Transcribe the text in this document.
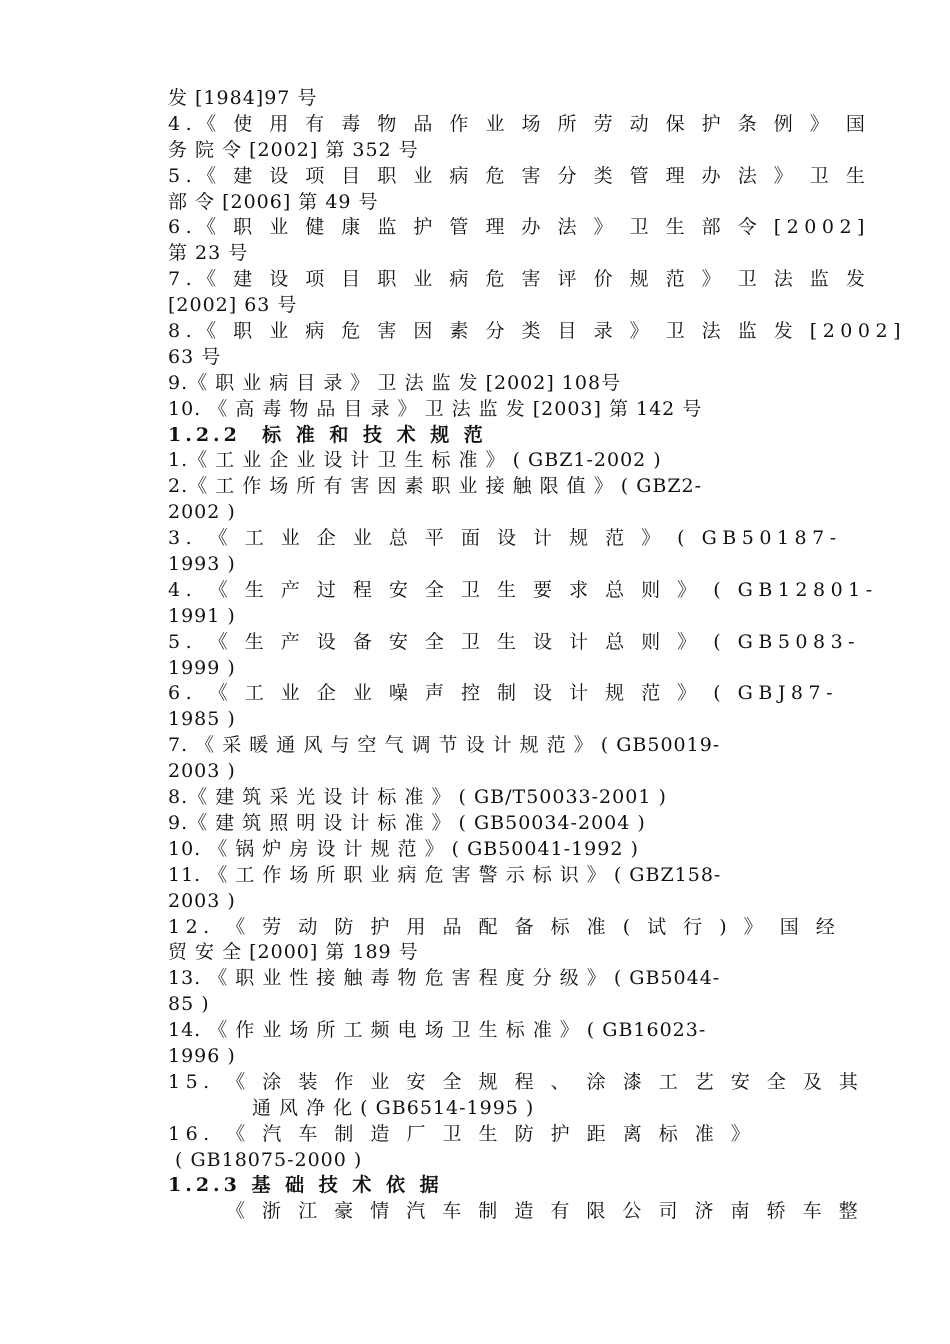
发 [1984]97 号
4.《 使 用 有 毒 物 品 作 业 场 所 劳 动 保 护 条 例 》 国
务 院 令 [2002] 第 352 号
5.《 建 设 项 目 职 业 病 危 害 分 类 管 理 办 法 》 卫 生
部 令 [2006] 第 49 号
6.《 职 业 健 康 监 护 管 理 办 法 》 卫 生 部 令 [2002]
第 23 号
7.《 建 设 项 目 职 业 病 危 害 评 价 规 范 》 卫 法 监 发
[2002] 63 号
8.《 职 业 病 危 害 因 素 分 类 目 录 》 卫 法 监 发 [2002]
63 号
9.《 职 业 病 目 录 》 卫 法 监 发 [2002] 108号
10. 《 高 毒 物 品 目 录 》 卫 法 监 发 [2003] 第 142 号
1.2.2  标 准 和 技 术 规 范
1.《 工 业 企 业 设 计 卫 生 标 准 》 ( GBZ1-2002 )
2.《 工 作 场 所 有 害 因 素 职 业 接 触 限 值 》 ( GBZ2-
2002 )
3. 《 工 业 企 业 总 平 面 设 计 规 范 》 ( GB50187-
1993 )
4. 《 生 产 过 程 安 全 卫 生 要 求 总 则 》 ( GB12801-
1991 )
5. 《 生 产 设 备 安 全 卫 生 设 计 总 则 》 ( GB5083-
1999 )
6. 《 工 业 企 业 噪 声 控 制 设 计 规 范 》 ( GBJ87-
1985 )
7. 《 采 暖 通 风 与 空 气 调 节 设 计 规 范 》 ( GB50019-
2003 )
8.《 建 筑 采 光 设 计 标 准 》 ( GB/T50033-2001 )
9.《 建 筑 照 明 设 计 标 准 》 ( GB50034-2004 )
10. 《 锅 炉 房 设 计 规 范 》 ( GB50041-1992 )
11. 《 工 作 场 所 职 业 病 危 害 警 示 标 识 》 ( GBZ158-
2003 )
12. 《 劳 动 防 护 用 品 配 备 标 准 ( 试 行 ) 》 国 经
贸 安 全 [2000] 第 189 号
13. 《 职 业 性 接 触 毒 物 危 害 程 度 分 级 》 ( GB5044-
85 )
14. 《 作 业 场 所 工 频 电 场 卫 生 标 准 》 ( GB16023-
1996 )
15. 《 涂 装 作 业 安 全 规 程 、 涂 漆 工 艺 安 全 及 其
通 风 净 化 ( GB6514-1995 )
16. 《 汽 车 制 造 厂 卫 生 防 护 距 离 标 准 》
( GB18075-2000 )
1.2.3 基 础 技 术 依 据
《 浙 江 豪 情 汽 车 制 造 有 限 公 司 济 南 轿 车 整
